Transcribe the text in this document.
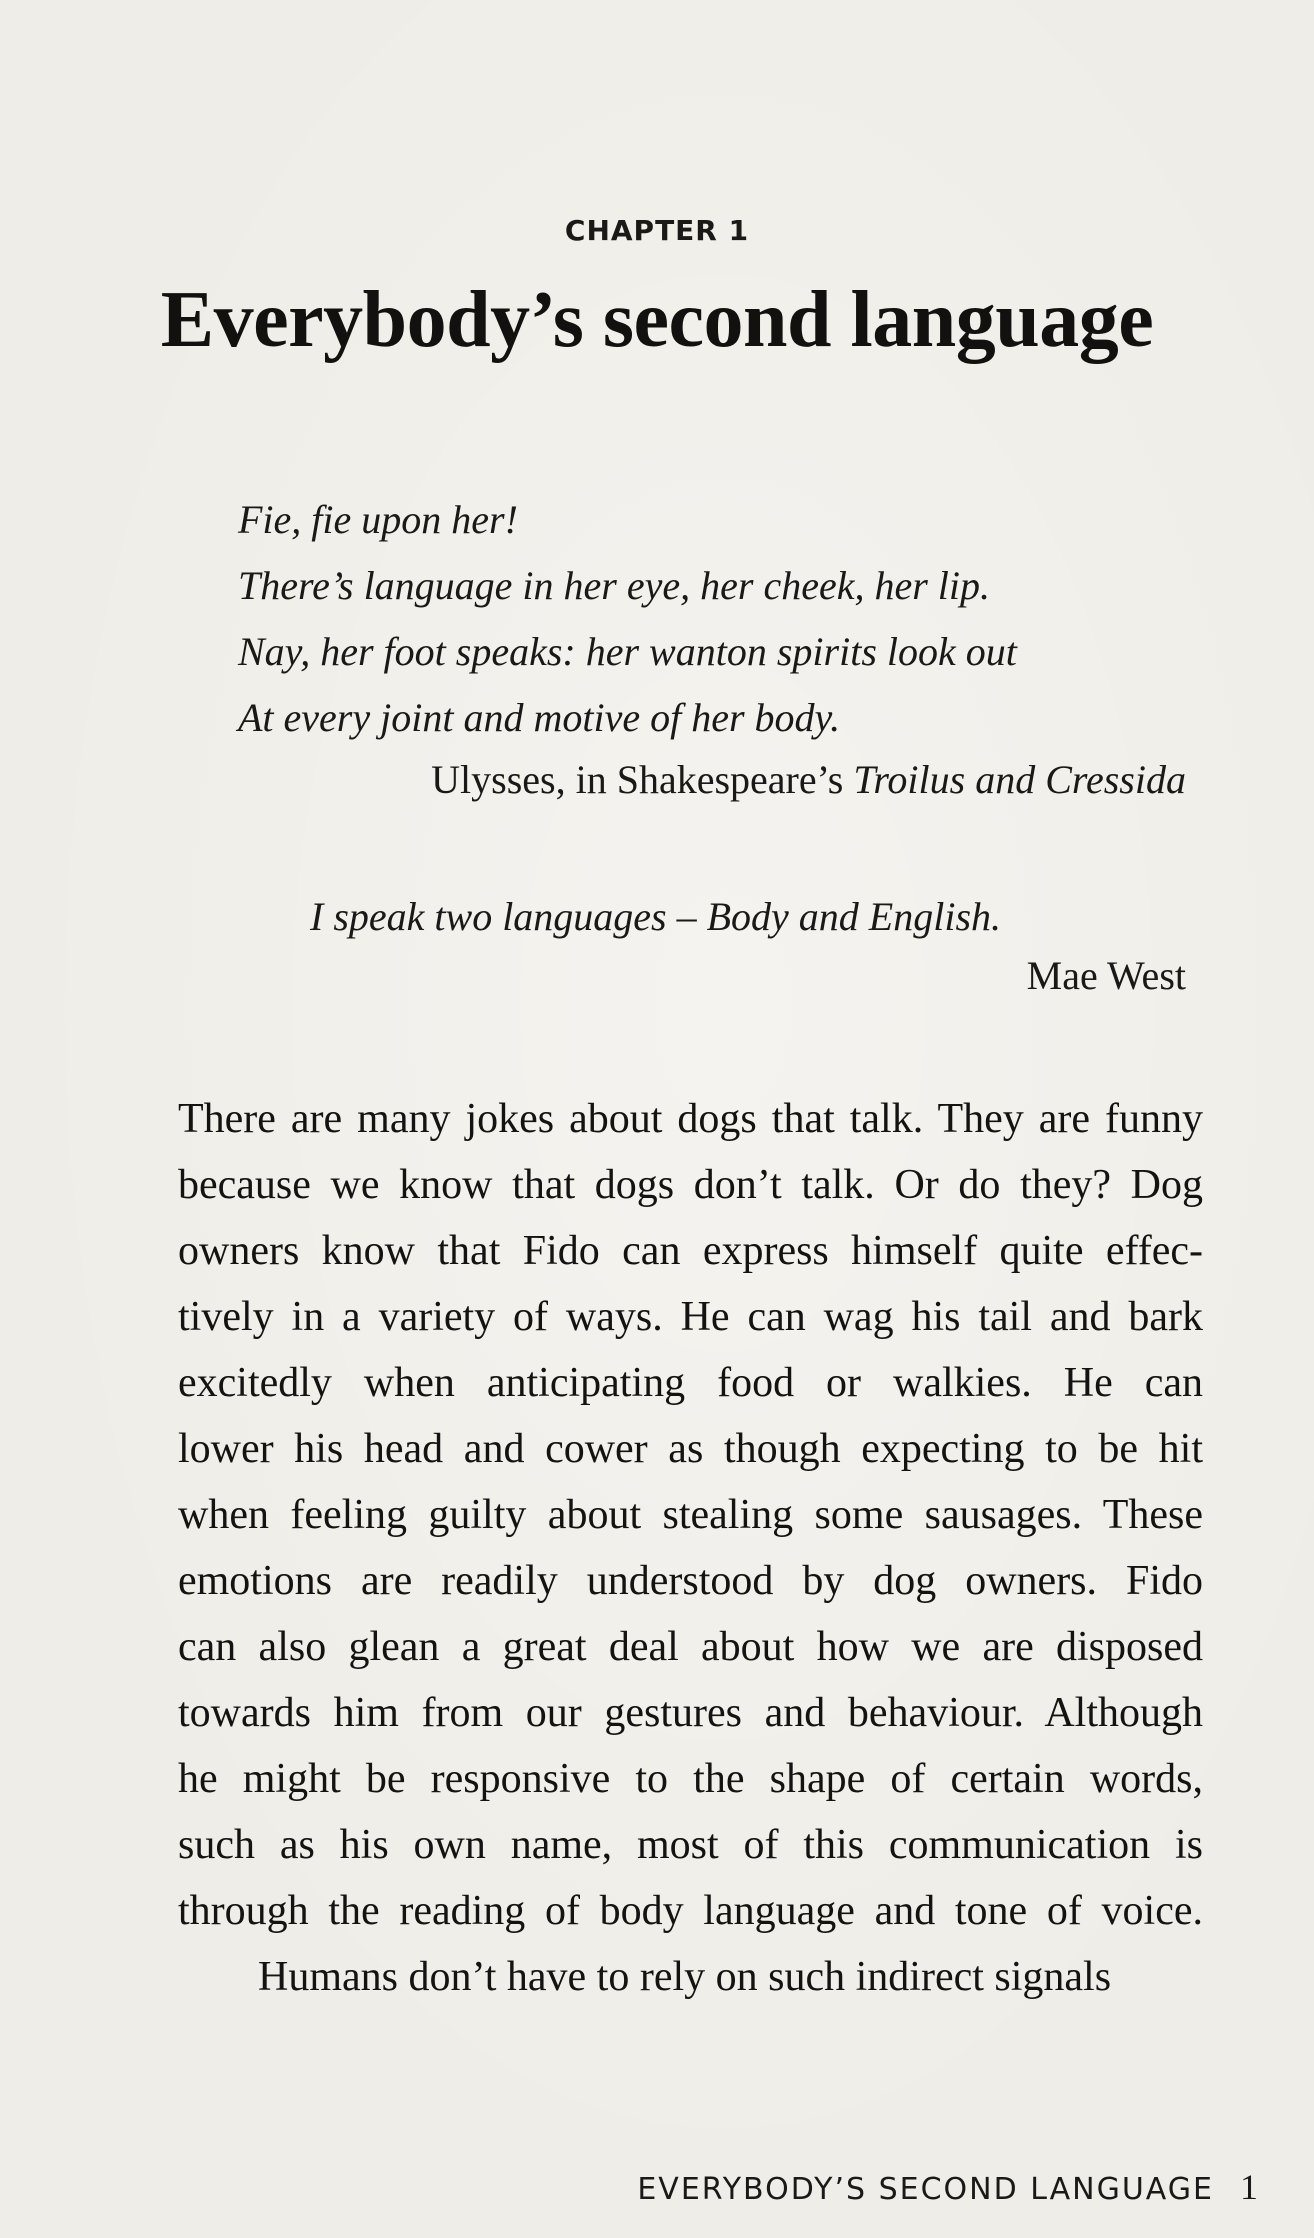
CHAPTER 1
Everybody’s second language
Fie, fie upon her!
There’s language in her eye, her cheek, her lip.
Nay, her foot speaks: her wanton spirits look out
At every joint and motive of her body.
Ulysses, in Shakespeare’s Troilus and Cressida
I speak two languages – Body and English.
Mae West
There are many jokes about dogs that talk. They are funny
because we know that dogs don’t talk. Or do they? Dog
owners know that Fido can express himself quite effec-
tively in a variety of ways. He can wag his tail and bark
excitedly when anticipating food or walkies. He can
lower his head and cower as though expecting to be hit
when feeling guilty about stealing some sausages. These
emotions are readily understood by dog owners. Fido
can also glean a great deal about how we are disposed
towards him from our gestures and behaviour. Although
he might be responsive to the shape of certain words,
such as his own name, most of this communication is
through the reading of body language and tone of voice.
Humans don’t have to rely on such indirect signals
EVERYBODY’S SECOND LANGUAGE 1
